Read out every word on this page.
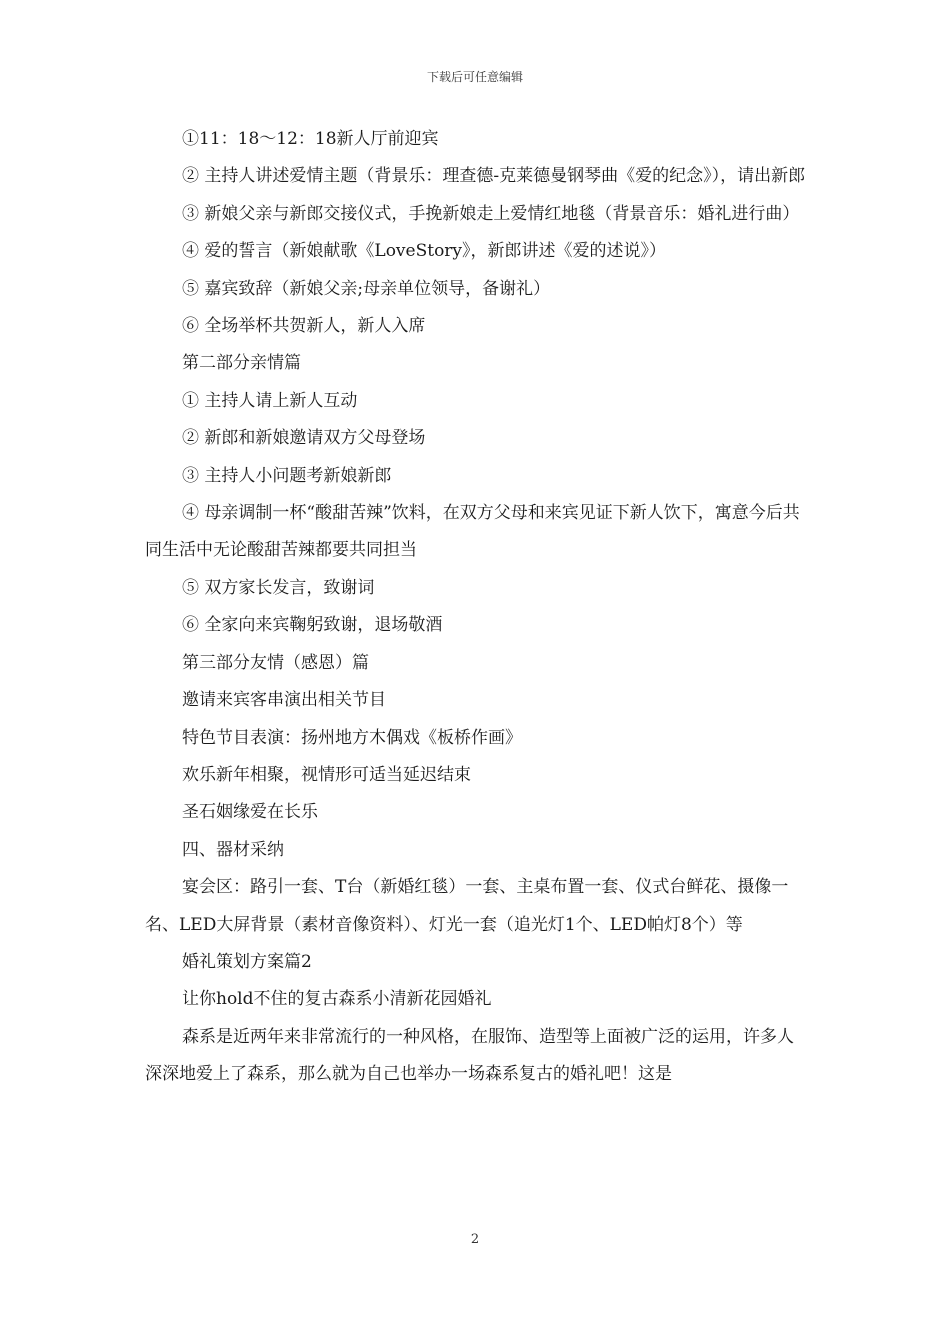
下载后可任意编辑

①11：18～12：18新人厅前迎宾

② 主持人讲述爱情主题（背景乐：理查德-克莱德曼钢琴曲《爱的纪念》），请出新郎

③ 新娘父亲与新郎交接仪式，手挽新娘走上爱情红地毯（背景音乐：婚礼进行曲）

④ 爱的誓言（新娘献歌《LoveStory》，新郎讲述《爱的述说》）

⑤ 嘉宾致辞（新娘父亲;母亲单位领导，备谢礼）

⑥ 全场举杯共贺新人，新人入席

第二部分亲情篇

① 主持人请上新人互动

② 新郎和新娘邀请双方父母登场

③ 主持人小问题考新娘新郎

④ 母亲调制一杯“酸甜苦辣”饮料，在双方父母和来宾见证下新人饮下，寓意今后共同生活中无论酸甜苦辣都要共同担当

⑤ 双方家长发言，致谢词

⑥ 全家向来宾鞠躬致谢，退场敬酒

第三部分友情（感恩）篇

邀请来宾客串演出相关节目

特色节目表演：扬州地方木偶戏《板桥作画》

欢乐新年相聚，视情形可适当延迟结束

圣石姻缘爱在长乐

四、器材采纳

宴会区：路引一套、T台（新婚红毯）一套、主桌布置一套、仪式台鲜花、摄像一名、LED大屏背景（素材音像资料）、灯光一套（追光灯1个、LED帕灯8个）等

婚礼策划方案篇2

让你hold不住的复古森系小清新花园婚礼

森系是近两年来非常流行的一种风格，在服饰、造型等上面被广泛的运用，许多人深深地爱上了森系，那么就为自己也举办一场森系复古的婚礼吧！这是

2
